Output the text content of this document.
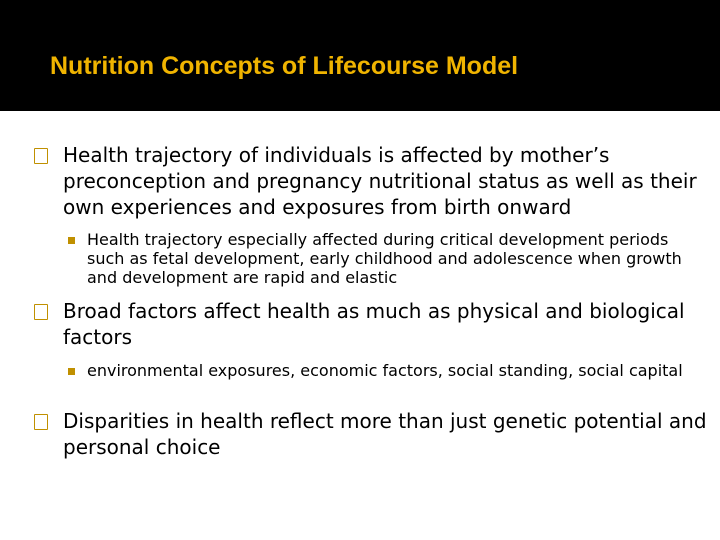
Nutrition Concepts of Lifecourse Model
Health trajectory of individuals is affected by mother’s preconception and pregnancy nutritional status as well as their own experiences and exposures from birth onward
Health trajectory especially affected during critical development periods such as fetal development, early childhood and adolescence when growth and development are rapid and elastic
Broad factors affect health as much as physical and biological factors
environmental exposures, economic factors, social standing, social capital
Disparities in health reflect more than just genetic potential and personal choice
